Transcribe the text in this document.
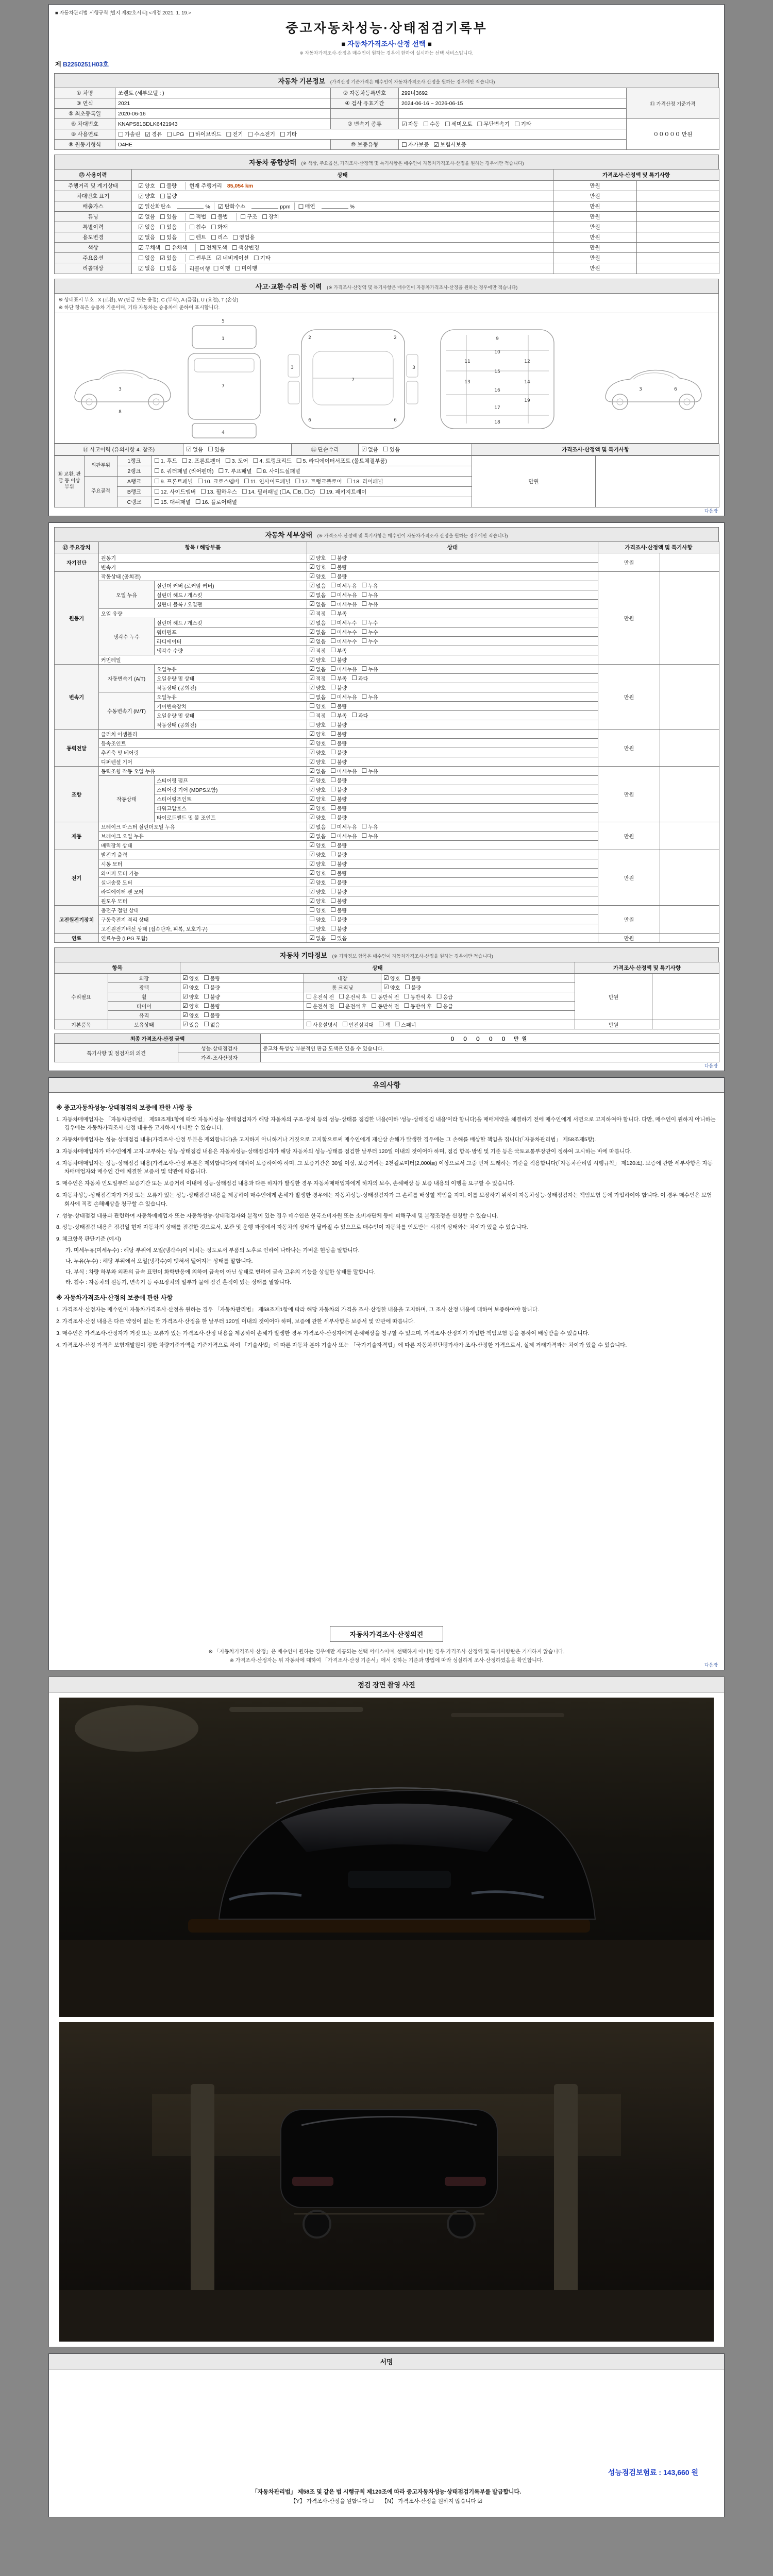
■ 자동차관리법 시행규칙 [별지 제82호서식] <개정 2021. 1. 19.>
중고자동차성능·상태점검기록부
■ 자동차가격조사·산정 선택 ■
※ 자동차가격조사·산정은 매수인이 원하는 경우에 한하여 실시하는 선택 서비스입니다.
제 B2250251H03호
자동차 기본정보 (가격산정 기준가격은 매수인이 자동차가격조사·산정을 원하는 경우에만 적습니다)
① 차명	쏘렌토 (세부모델 : )	② 자동차등록번호	299너3692	⑪ 가격산정 기준가격
③ 연식	2021	④ 검사 유효기간	2024-06-16 ~ 2026-06-15	
⑤ 최초등록일	2020-06-16			
⑥ 차대번호	KNAPS81BDLK6421943	⑦ 변속기 종류	☑ 자동 ☐ 수동 ☐ 세미오토 ☐ 무단변속기 ☐ 기타
	０００００ 만원
⑧ 사용연료	☐ 가솔린 ☑ 경유 ☐ LPG ☐ 하이브리드 ☐ 전기 ☐ 수소전기 ☐ 기타

⑨ 원동기형식	D4HE	⑩ 보증유형	☐ 자가보증 ☑ 보험사보증	
자동차 종합상태 (※ 색상, 주요옵션, 가격조사·산정액 및 특기사항은 매수인이 자동차가격조사·산정을 원하는 경우에만 적습니다)
⑬ 사용이력	상태	가격조사·산정액 및 특기사항	
주행거리 및 계기상태	☑ 양호 ☐ 불량 현재 주행거리 85,054 km	만원	
차대번호 표기	☑ 양호 ☐ 불량	만원	
배출가스	☑ 일산화탄소	% ☑ 탄화수소	ppm ☐ 매연	%	만원	
튜닝	☑ 없음 ☐ 있음 ☐ 적법 ☐ 불법 ☐ 구조 ☐ 장치	만원	
특별이력	☑ 없음 ☐ 있음 ☐ 침수 ☐ 화재	만원	
용도변경	☑ 없음 ☐ 있음 ☐ 렌트 ☐ 리스 ☐ 영업용	만원	
색상	☑ 무채색 ☐ 유채색 ☐ 전체도색 ☐ 색상변경	만원	
주요옵션	☐ 없음 ☑ 있음 ☐ 썬루프 ☑ 네비게이션 ☐ 기타	만원	
리콜대상	☑ 없음 ☐ 있음 리콜이행 ☐ 이행 ☐ 미이행	만원	
사고·교환·수리 등 이력 (※ 가격조사·산정액 및 특기사항은 매수인이 자동차가격조사·산정을 원하는 경우에만 적습니다)
※ 상태표시 부호 : X (교환), W (판금 또는 용접), C (부식), A (흠집), U (요철), T (손상)
※ 하단 항목은 승용차 기준이며, 기타 자동차는 승용차에 준하여 표시합니다.
3
8
5
1
7
4
2	2
3	3
7
6	6
9
10
11	12
15
13	14
16
19
17
18
3	6
⑭ 사고이력 (유의사항 4. 참조)	☑ 없음 ☐ 있음	⑮ 단순수리	☑ 없음 ☐ 있음	가격조사·산정액 및 특기사항
⑯ 교환, 판금 등 이상 부위	외판부위	1랭크	☐ 1. 후드 ☐ 2. 프론트펜더 ☐ 3. 도어 ☐ 4. 트렁크리드 ☐ 5. 라디에이터서포트 (볼트체결부품)
	만원	
2랭크	☐ 6. 쿼터패널 (리어펜더) ☐ 7. 루프패널 ☐ 8. 사이드실패널

주요골격	A랭크	☐ 9. 프론트패널 ☐ 10. 크로스멤버 ☐ 11. 인사이드패널 ☐ 17. 트렁크플로어 ☐ 18. 리어패널

B랭크	☐ 12. 사이드멤버 ☐ 13. 휠하우스 ☐ 14. 필러패널 (☐A, ☐B, ☐C) ☐ 19. 패키지트레이

		C랭크	☐ 15. 대쉬패널 ☐ 16. 플로어패널		
다음장
자동차 세부상태 (※ 가격조사·산정액 및 특기사항은 매수인이 자동차가격조사·산정을 원하는 경우에만 적습니다)
⑰ 주요장치	항목 / 해당부품		상태	가격조사·산정액 및 특기사항	
자기진단	원동기		☑ 양호 ☐ 불량	만원	
	변속기		☑ 양호 ☐ 불량		

원동기	작동상태 (공회전)		☑ 양호 ☐ 불량	만원	
오일 누유	실린더 커버 (로커암 커버)	☑ 없음 ☐ 미세누유 ☐ 누유

실린더 헤드 / 개스킷	☑ 없음 ☐ 미세누유 ☐ 누유

실린더 블록 / 오일팬	☑ 없음 ☐ 미세누유 ☐ 누유

	오일 유량		☑ 적정 ☐ 부족		

냉각수 누수	실린더 헤드 / 개스킷	☑ 없음 ☐ 미세누수 ☐ 누수

워터펌프	☑ 없음 ☐ 미세누수 ☐ 누수

라디에이터	☑ 없음 ☐ 미세누수 ☐ 누수

		냉각수 수량	☑ 적정 ☐ 부족		

	커먼레일		☑ 양호 ☐ 불량		

변속기	자동변속기 (A/T)	오일누유	☑ 없음 ☐ 미세누유 ☐ 누유
	만원	
오일유량 및 상태	☑ 적정 ☐ 부족 ☐ 과다

		작동상태 (공회전)	☑ 양호 ☐ 불량		

수동변속기 (M/T)	오일누유	☐ 없음 ☐ 미세누유 ☐ 누유

		기어변속장치	☐ 양호 ☐ 불량		

오일유량 및 상태	☐ 적정 ☐ 부족 ☐ 과다

		작동상태 (공회전)	☐ 양호 ☐ 불량		

동력전달	클러치 어셈블리		☑ 양호 ☐ 불량	만원	
	등속조인트		☑ 양호 ☐ 불량		

	추진축 및 베어링		☑ 양호 ☐ 불량		

	디퍼렌셜 기어		☑ 양호 ☐ 불량		

조향	동력조향 작동 오일 누유	☑ 없음 ☐ 미세누유 ☐ 누유
	만원	
	작동상태	스티어링 펌프	☑ 양호 ☐ 불량		

		스티어링 기어 (MDPS포함)	☑ 양호 ☐ 불량		

		스티어링조인트	☑ 양호 ☐ 불량		

		파워고압호스	☑ 양호 ☐ 불량		

		타이로드엔드 및 볼 조인트	☑ 양호 ☐ 불량		

제동	브레이크 마스터 실린더오일 누유	☑ 없음 ☐ 미세누유 ☐ 누유
	만원	
브레이크 오일 누유	☑ 없음 ☐ 미세누유 ☐ 누유

	배력장치 상태		☑ 양호 ☐ 불량		

전기	발전기 출력		☑ 양호 ☐ 불량	만원	
	시동 모터		☑ 양호 ☐ 불량		

	와이퍼 모터 기능		☑ 양호 ☐ 불량		

	실내송풍 모터		☑ 양호 ☐ 불량		

	라디에이터 팬 모터		☑ 양호 ☐ 불량		

	윈도우 모터		☑ 양호 ☐ 불량		

고전원전기장치	충전구 절연 상태		☐ 양호 ☐ 불량	만원	
	구동축전지 격리 상태		☐ 양호 ☐ 불량		

	고전원전기배선 상태 (접속단자, 피복, 보호기구)		☐ 양호 ☐ 불량		

연료	연료누출 (LPG 포함)		☑ 없음 ☐ 있음	만원	
자동차 기타정보 (※ 기타정보 항목은 매수인이 자동차가격조사·산정을 원하는 경우에만 적습니다)
항목		상태			가격조사·산정액 및 특기사항	
수리필요	외장	☑ 양호 ☐ 불량	내장	☑ 양호 ☐ 불량	만원	
	광택	☑ 양호 ☐ 불량	룸 크리닝	☑ 양호 ☐ 불량		

휠	☑ 양호 ☐ 불량	☐ 운전석 전 ☐ 운전석 후 ☐ 동반석 전 ☐ 동반석 후 ☐ 응급

타이어	☑ 양호 ☐ 불량	☐ 운전석 전 ☐ 운전석 후 ☐ 동반석 전 ☐ 동반석 후 ☐ 응급

	유리	☑ 양호 ☐ 불량				

기본품목	보유상태	☑ 있음 ☐ 없음	☐ 사용설명서 ☐ 안전삼각대 ☐ 잭 ☐ 스패너	만원	
최종 가격조사·산정 금액	０ ０ ０ ０ ０ 만원
특기사항 및 점검자의 의견	성능·상태점검자	중고차 특성상 부분적인 판금 도색은 있을 수 있습니다.
	가격·조사산정자	
다음장
유의사항
※ 중고자동차성능·상태점검의 보증에 관한 사항 등
1. 자동차매매업자는 「자동차관리법」 제58조제1항에 따라 자동차성능·상태점검자가 해당 자동차의 구조·장치 등의 성능·상태를 점검한 내용(이하 '성능·상태점검 내용'이라 합니다)을 매매계약을 체결하기 전에 매수인에게 서면으로 고지하여야 합니다. 다만, 매수인이 원하지 아니하는 경우에는 자동차가격조사·산정 내용을 고지하지 아니할 수 있습니다.
2. 자동차매매업자는 성능·상태점검 내용(가격조사·산정 부분은 제외합니다)을 고지하지 아니하거나 거짓으로 고지함으로써 매수인에게 재산상 손해가 발생한 경우에는 그 손해를 배상할 책임을 집니다(「자동차관리법」 제58조제5항).
3. 자동차매매업자가 매수인에게 고지·교부하는 성능·상태점검 내용은 자동차성능·상태점검자가 해당 자동차의 성능·상태를 점검한 날부터 120일 이내의 것이어야 하며, 점검 항목·방법 및 기준 등은 국토교통부장관이 정하여 고시하는 바에 따릅니다.
4. 자동차매매업자는 성능·상태점검 내용(가격조사·산정 부분은 제외합니다)에 대하여 보증하여야 하며, 그 보증기간은 30일 이상, 보증거리는 2천킬로미터(2,000㎞) 이상으로서 그중 먼저 도래하는 기준을 적용합니다(「자동차관리법 시행규칙」 제120조). 보증에 관한 세부사항은 자동차매매업자와 매수인 간에 체결한 보증서 및 약관에 따릅니다.
5. 매수인은 자동차 인도일부터 보증기간 또는 보증거리 이내에 성능·상태점검 내용과 다른 하자가 발생한 경우 자동차매매업자에게 하자의 보수, 손해배상 등 보증 내용의 이행을 요구할 수 있습니다.
6. 자동차성능·상태점검자가 거짓 또는 오류가 있는 성능·상태점검 내용을 제공하여 매수인에게 손해가 발생한 경우에는 자동차성능·상태점검자가 그 손해를 배상할 책임을 지며, 이를 보장하기 위하여 자동차성능·상태점검자는 책임보험 등에 가입하여야 합니다. 이 경우 매수인은 보험회사에 직접 손해배상을 청구할 수 있습니다.
7. 성능·상태점검 내용과 관련하여 자동차매매업자 또는 자동차성능·상태점검자와 분쟁이 있는 경우 매수인은 한국소비자원 또는 소비자단체 등에 피해구제 및 분쟁조정을 신청할 수 있습니다.
8. 성능·상태점검 내용은 점검일 현재 자동차의 상태를 점검한 것으로서, 보관 및 운행 과정에서 자동차의 상태가 달라질 수 있으므로 매수인이 자동차를 인도받는 시점의 상태와는 차이가 있을 수 있습니다.
9. 체크항목 판단기준 (예시)
가. 미세누유(미세누수) : 해당 부위에 오일(냉각수)이 비치는 정도로서 부품의 노후로 인하여 나타나는 가벼운 현상을 말합니다.
나. 누유(누수) : 해당 부위에서 오일(냉각수)이 맺혀서 떨어지는 상태를 말합니다.
다. 부식 : 차량 하부와 외판의 금속 표면이 화학반응에 의하여 금속이 아닌 상태로 변하여 금속 고유의 기능을 상실한 상태를 말합니다.
라. 침수 : 자동차의 원동기, 변속기 등 주요장치의 일부가 물에 잠긴 흔적이 있는 상태를 말합니다.
※ 자동차가격조사·산정의 보증에 관한 사항
1. 가격조사·산정자는 매수인이 자동차가격조사·산정을 원하는 경우 「자동차관리법」 제58조제1항에 따라 해당 자동차의 가격을 조사·산정한 내용을 고지하며, 그 조사·산정 내용에 대하여 보증하여야 합니다.
2. 가격조사·산정 내용은 다른 약정이 없는 한 가격조사·산정을 한 날부터 120일 이내의 것이어야 하며, 보증에 관한 세부사항은 보증서 및 약관에 따릅니다.
3. 매수인은 가격조사·산정자가 거짓 또는 오류가 있는 가격조사·산정 내용을 제공하여 손해가 발생한 경우 가격조사·산정자에게 손해배상을 청구할 수 있으며, 가격조사·산정자가 가입한 책임보험 등을 통하여 배상받을 수 있습니다.
4. 가격조사·산정 가격은 보험개발원이 정한 차량기준가액을 기준가격으로 하여 「기술사법」에 따른 자동차 분야 기술사 또는 「국가기술자격법」에 따른 자동차진단평가사가 조사·산정한 가격으로서, 실제 거래가격과는 차이가 있을 수 있습니다.
자동차가격조사·산정의견
※ 「자동차가격조사·산정」은 매수인이 원하는 경우에만 제공되는 선택 서비스이며, 선택하지 아니한 경우 가격조사·산정액 및 특기사항란은 기재하지 않습니다.
※ 가격조사·산정자는 위 자동차에 대하여 「가격조사·산정 기준서」에서 정하는 기준과 방법에 따라 성실하게 조사·산정하였음을 확인합니다.
다음장
점검 장면 촬영 사진
서명
성능점검보험료 : 143,660 원
「자동차관리법」 제58조 및 같은 법 시행규칙 제120조에 따라 중고자동차성능·상태점검기록부를 발급합니다.
【Y】 가격조사·산정을 원합니다 ☐　　【N】 가격조사·산정을 원하지 않습니다 ☑
